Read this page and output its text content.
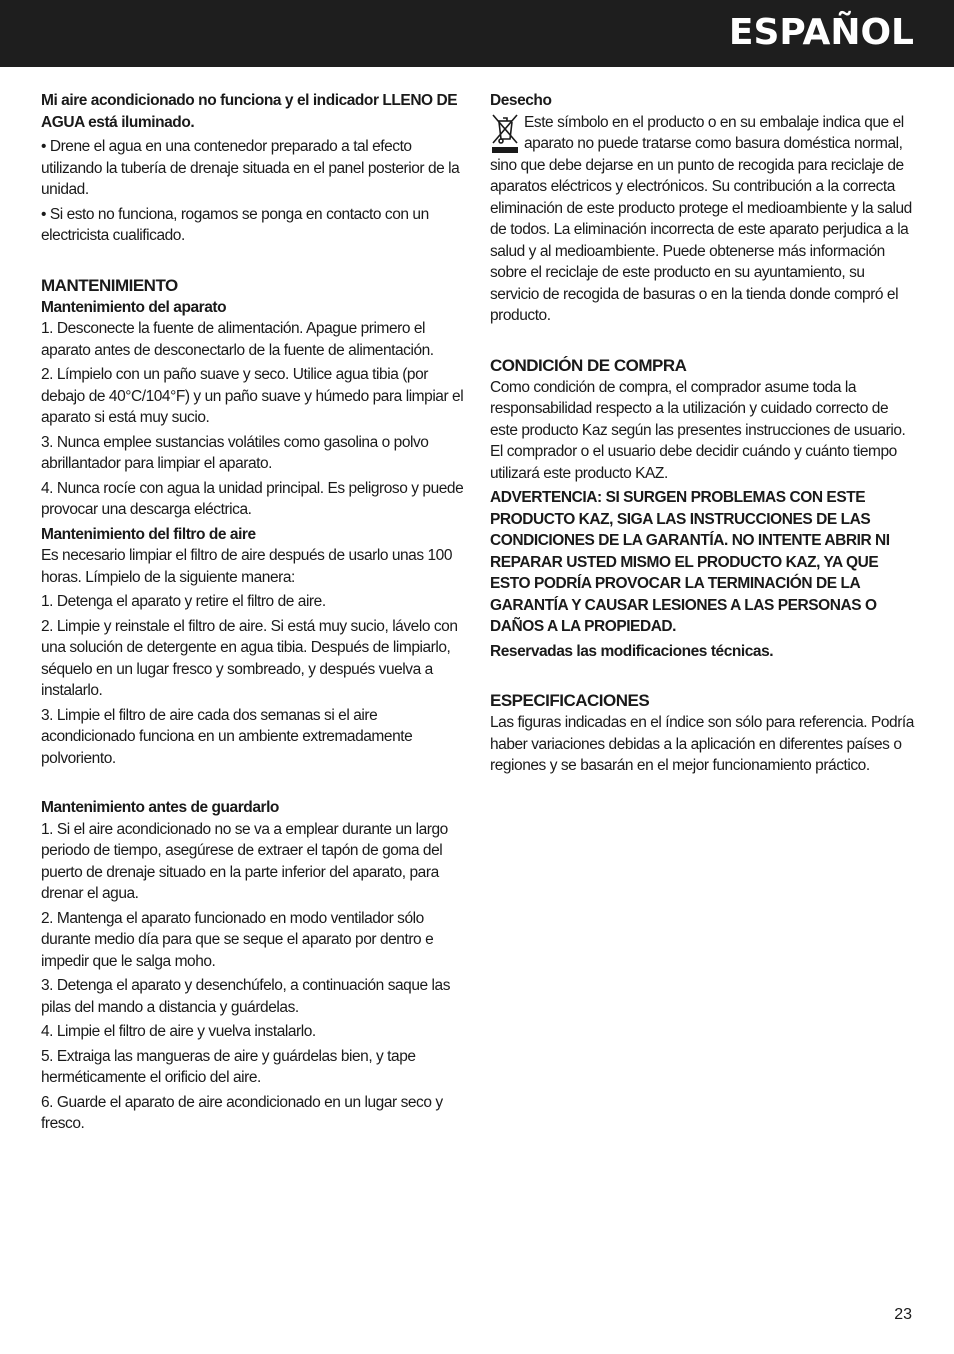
ESPAÑOL

Mi aire acondicionado no funciona y el indicador LLENO DE AGUA está iluminado.

• Drene el agua en una contenedor preparado a tal efecto utilizando la tubería de drenaje situada en el panel posterior de la unidad.

• Si esto no funciona, rogamos se ponga en contacto con un electricista cualificado.

MANTENIMIENTO
Mantenimiento del aparato

1. Desconecte la fuente de alimentación. Apague primero el aparato antes de desconectarlo de la fuente de alimentación.

2. Límpielo con un paño suave y seco. Utilice agua tibia (por debajo de 40°C/104°F) y un paño suave y húmedo para limpiar el aparato si está muy sucio.

3. Nunca emplee sustancias volátiles como gasolina o polvo abrillantador para limpiar el aparato.

4. Nunca rocíe con agua la unidad principal. Es peligroso y puede provocar una descarga eléctrica.

Mantenimiento del filtro de aire

Es necesario limpiar el filtro de aire después de usarlo unas 100 horas. Límpielo de la siguiente manera:

1. Detenga el aparato y retire el filtro de aire.

2. Limpie y reinstale el filtro de aire. Si está muy sucio, lávelo con una solución de detergente en agua tibia. Después de limpiarlo, séquelo en un lugar fresco y sombreado, y después vuelva a instalarlo.

3. Limpie el filtro de aire cada dos semanas si el aire acondicionado funciona en un ambiente extremadamente polvoriento.

Mantenimiento antes de guardarlo

1. Si el aire acondicionado no se va a emplear durante un largo periodo de tiempo, asegúrese de extraer el tapón de goma del puerto de drenaje situado en la parte inferior del aparato, para drenar el agua.

2. Mantenga el aparato funcionado en modo ventilador sólo durante medio día para que se seque el aparato por dentro e impedir que le salga moho.

3. Detenga el aparato y desenchúfelo, a continuación saque las pilas del mando a distancia y guárdelas.

4. Limpie el filtro de aire y vuelva instalarlo.

5. Extraiga las mangueras de aire y guárdelas bien, y tape herméticamente el orificio del aire.

6. Guarde el aparato de aire acondicionado en un lugar seco y fresco.

Desecho

Este símbolo en el producto o en su embalaje indica que el aparato no puede tratarse como basura doméstica normal, sino que debe dejarse en un punto de recogida para reciclaje de aparatos eléctricos y electrónicos. Su contribución a la correcta eliminación de este producto protege el medioambiente y la salud de todos. La eliminación incorrecta de este aparato perjudica a la salud y al medioambiente. Puede obtenerse más información sobre el reciclaje de este producto en su ayuntamiento, su servicio de recogida de basuras o en la tienda donde compró el producto.

CONDICIÓN DE COMPRA

Como condición de compra, el comprador asume toda la responsabilidad respecto a la utilización y cuidado correcto de este producto Kaz según las presentes instrucciones de usuario.

El comprador o el usuario debe decidir cuándo y cuánto tiempo utilizará este producto KAZ.

ADVERTENCIA: SI SURGEN PROBLEMAS CON ESTE PRODUCTO KAZ, SIGA LAS INSTRUCCIONES DE LAS CONDICIONES DE LA GARANTÍA. NO INTENTE ABRIR NI REPARAR USTED MISMO EL PRODUCTO KAZ, YA QUE ESTO PODRÍA PROVOCAR LA TERMINACIÓN DE LA GARANTÍA Y CAUSAR LESIONES A LAS PERSONAS O DAÑOS A LA PROPIEDAD.

Reservadas las modificaciones técnicas.

ESPECIFICACIONES

Las figuras indicadas en el índice son sólo para referencia. Podría haber variaciones debidas a la aplicación en diferentes países o regiones y se basarán en el mejor funcionamiento práctico.

23
